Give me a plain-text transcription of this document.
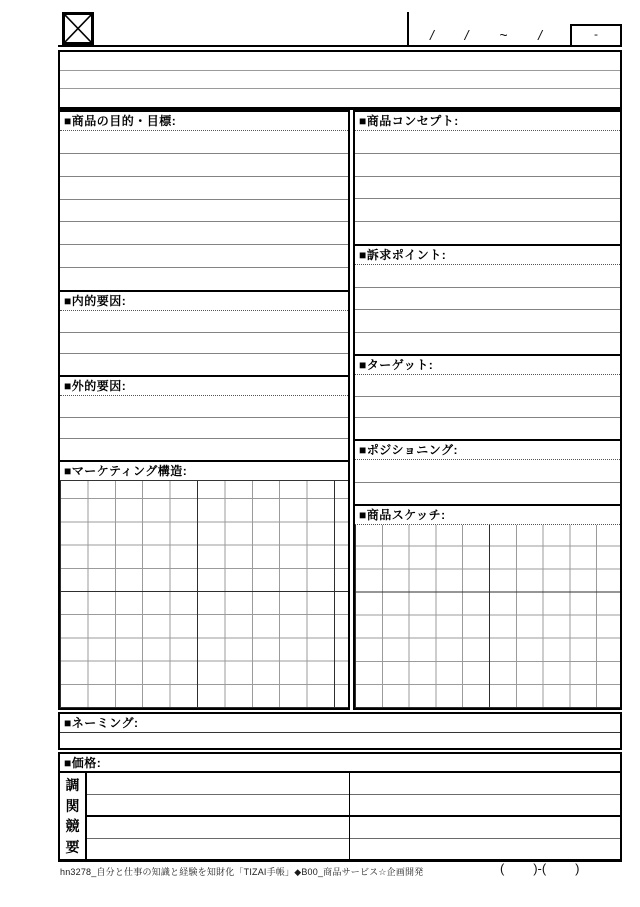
/ / ~ /	-
■商品の目的・目標:
■内的要因:
■外的要因:
■マーケティング構造:
■商品コンセプト:
■訴求ポイント:
■ターゲット:
■ポジショニング:
■商品スケッチ:
■ネーミング:
■価格:
調
関
競
要
hn3278_自分と仕事の知識と経験を知財化「TIZAI手帳」◆B00_商品サービス☆企画開発	(        )-(        )
